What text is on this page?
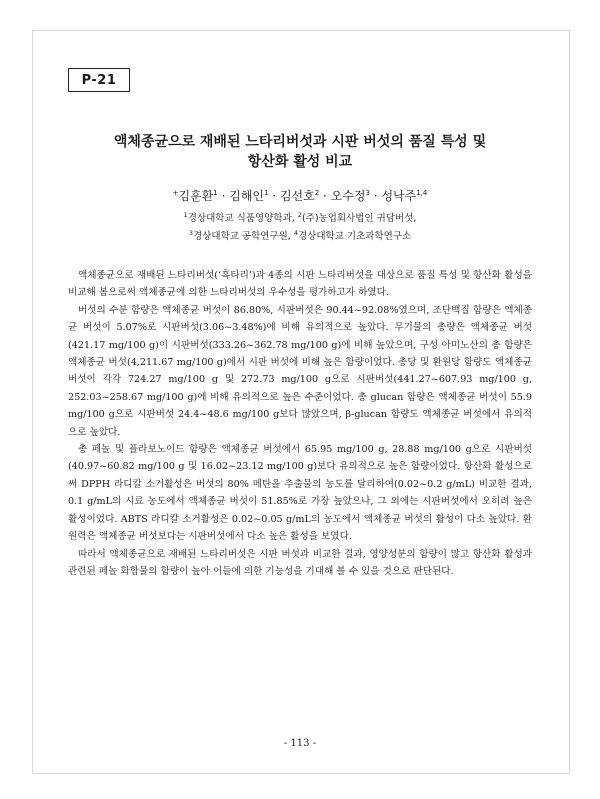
P-21
액체종균으로 재배된 느타리버섯과 시판 버섯의 품질 특성 및
항산화 활성 비교
+김훈환$^1$ · 김해인$^1$ · 김선호$^2$ · 오수정$^3$ · 성낙주$^{1,4}$
$^1$경상대학교 식품영양학과, $^2$(주)농업회사법인 귀담버섯,
$^3$경상대학교 공학연구원, $^4$경상대학교 기초과학연구소

액체종균으로 재배된 느타리버섯(‘흑타리’)과 4종의 시판 느타리버섯을 대상으로 품질 특성 및 항산화 활성을 비교해 봄으로써 액체종균에 의한 느타리버섯의 우수성을 평가하고자 하였다.

버섯의 수분 함량은 액체종균 버섯이 86.80%, 시판버섯은 90.44~92.08%였으며, 조단백질 함량은 액체종균 버섯이 5.07%로 시판버섯(3.06~3.48%)에 비해 유의적으로 높았다. 무기물의 총량은 액체종균 버섯(421.17 mg/100 g)이 시판버섯(333.26~362.78 mg/100 g)에 비해 높았으며, 구성 아미노산의 총 함량은 액체종균 버섯(4,211.67 mg/100 g)에서 시판 버섯에 비해 높은 함량이었다. 총당 및 환원당 함량도 액체종균 버섯이 각각 724.27 mg/100 g 및 272.73 mg/100 g으로 시판버섯(441.27~607.93 mg/100 g, 252.03~258.67 mg/100 g)에 비해 유의적으로 높은 수준이었다. 총 glucan 함량은 액체종균 버섯이 55.9 mg/100 g으로 시판버섯 24.4~48.6 mg/100 g보다 많았으며, β-glucan 함량도 액체종균 버섯에서 유의적으로 높았다.

총 페놀 및 플라보노이드 함량은 액체종균 버섯에서 65.95 mg/100 g, 28.88 mg/100 g으로 시판버섯(40.97~60.82 mg/100 g 및 16.02~23.12 mg/100 g)보다 유의적으로 높은 함량이었다. 항산화 활성으로써 DPPH 라디칼 소거활성은 버섯의 80% 메탄올 추출물의 농도를 달리하여(0.02~0.2 g/mL) 비교한 결과, 0.1 g/mL의 시료 농도에서 액체종균 버섯이 51.85%로 가장 높았으나, 그 외에는 시판버섯에서 오히려 높은 활성이었다. ABTS 라디칼 소거활성은 0.02~0.05 g/mL의 농도에서 액체종균 버섯의 활성이 다소 높았다. 환원력은 액체종균 버섯보다는 시판버섯에서 다소 높은 활성을 보였다.

따라서 액체종균으로 재배된 느타리버섯은 시판 버섯과 비교한 결과, 영양성분의 함량이 많고 항산화 활성과 관련된 페놀 화합물의 함량이 높아 이들에 의한 기능성을 기대해 볼 수 있을 것으로 판단된다.

- 113 -
